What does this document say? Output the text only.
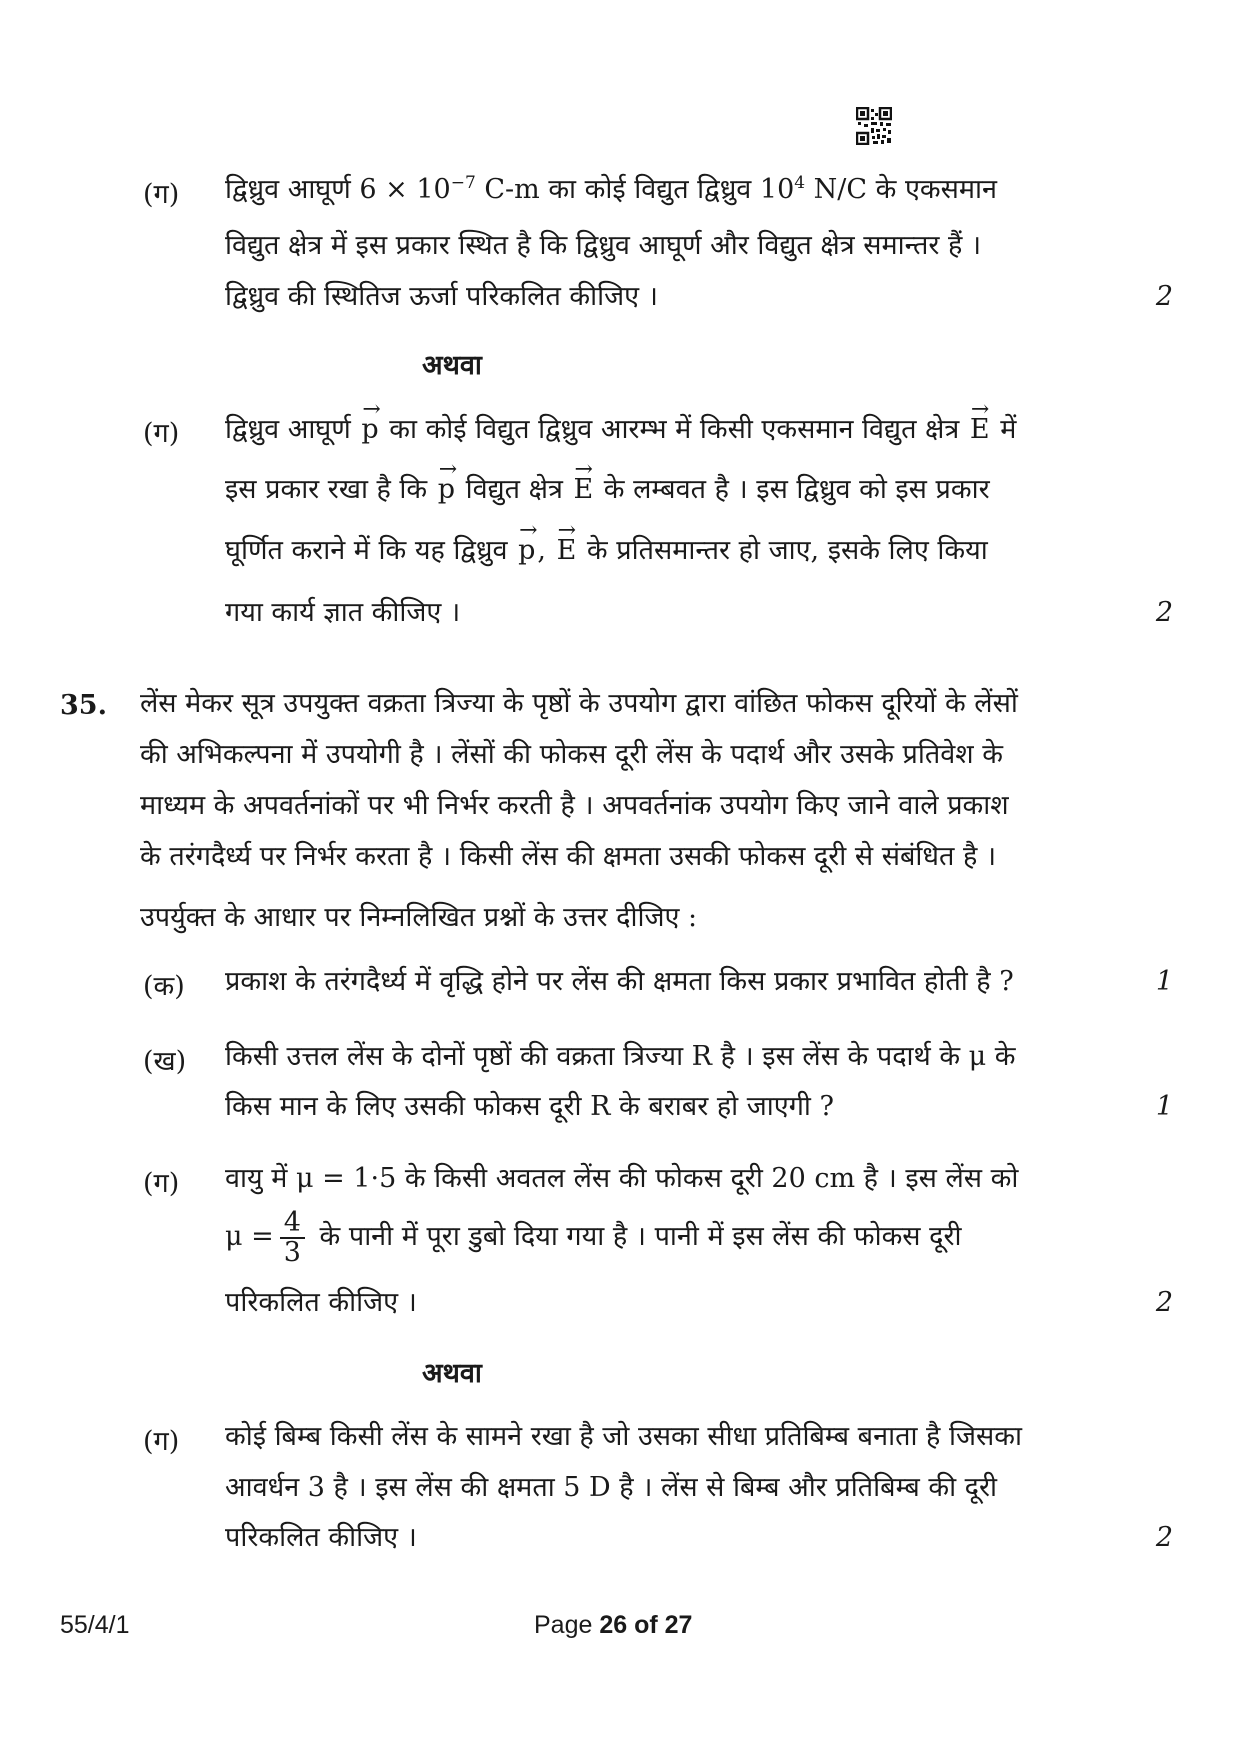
(ग) द्विध्रुव आघूर्ण $6 \times 10^{-7}$ C-m का कोई विद्युत द्विध्रुव $10^4$ N/C के एकसमान
विद्युत क्षेत्र में इस प्रकार स्थित है कि द्विध्रुव आघूर्ण और विद्युत क्षेत्र समान्तर हैं ।
द्विध्रुव की स्थितिज ऊर्जा परिकलित कीजिए ।	2
अथवा
(ग) द्विध्रुव आघूर्ण → p का कोई विद्युत द्विध्रुव आरम्भ में किसी एकसमान विद्युत क्षेत्र → E में
इस प्रकार रखा है कि → p विद्युत क्षेत्र → E के लम्बवत है । इस द्विध्रुव को इस प्रकार
घूर्णित कराने में कि यह द्विध्रुव → p, → E के प्रतिसमान्तर हो जाए, इसके लिए किया
गया कार्य ज्ञात कीजिए ।	2
35. लेंस मेकर सूत्र उपयुक्त वक्रता त्रिज्या के पृष्ठों के उपयोग द्वारा वांछित फोकस दूरियों के लेंसों
की अभिकल्पना में उपयोगी है । लेंसों की फोकस दूरी लेंस के पदार्थ और उसके प्रतिवेश के
माध्यम के अपवर्तनांकों पर भी निर्भर करती है । अपवर्तनांक उपयोग किए जाने वाले प्रकाश
के तरंगदैर्ध्य पर निर्भर करता है । किसी लेंस की क्षमता उसकी फोकस दूरी से संबंधित है ।
उपर्युक्त के आधार पर निम्नलिखित प्रश्नों के उत्तर दीजिए :
(क) प्रकाश के तरंगदैर्ध्य में वृद्धि होने पर लेंस की क्षमता किस प्रकार प्रभावित होती है ?	1
(ख) किसी उत्तल लेंस के दोनों पृष्ठों की वक्रता त्रिज्या R है । इस लेंस के पदार्थ के μ के
किस मान के लिए उसकी फोकस दूरी R के बराबर हो जाएगी ?	1
(ग) वायु में μ = 1·5 के किसी अवतल लेंस की फोकस दूरी 20 cm है । इस लेंस को
$\mu = \frac{4}{3}$ के पानी में पूरा डुबो दिया गया है । पानी में इस लेंस की फोकस दूरी
परिकलित कीजिए ।	2
अथवा
(ग) कोई बिम्ब किसी लेंस के सामने रखा है जो उसका सीधा प्रतिबिम्ब बनाता है जिसका
आवर्धन 3 है । इस लेंस की क्षमता 5 D है । लेंस से बिम्ब और प्रतिबिम्ब की दूरी
परिकलित कीजिए ।	2
55/4/1	Page 26 of 27
